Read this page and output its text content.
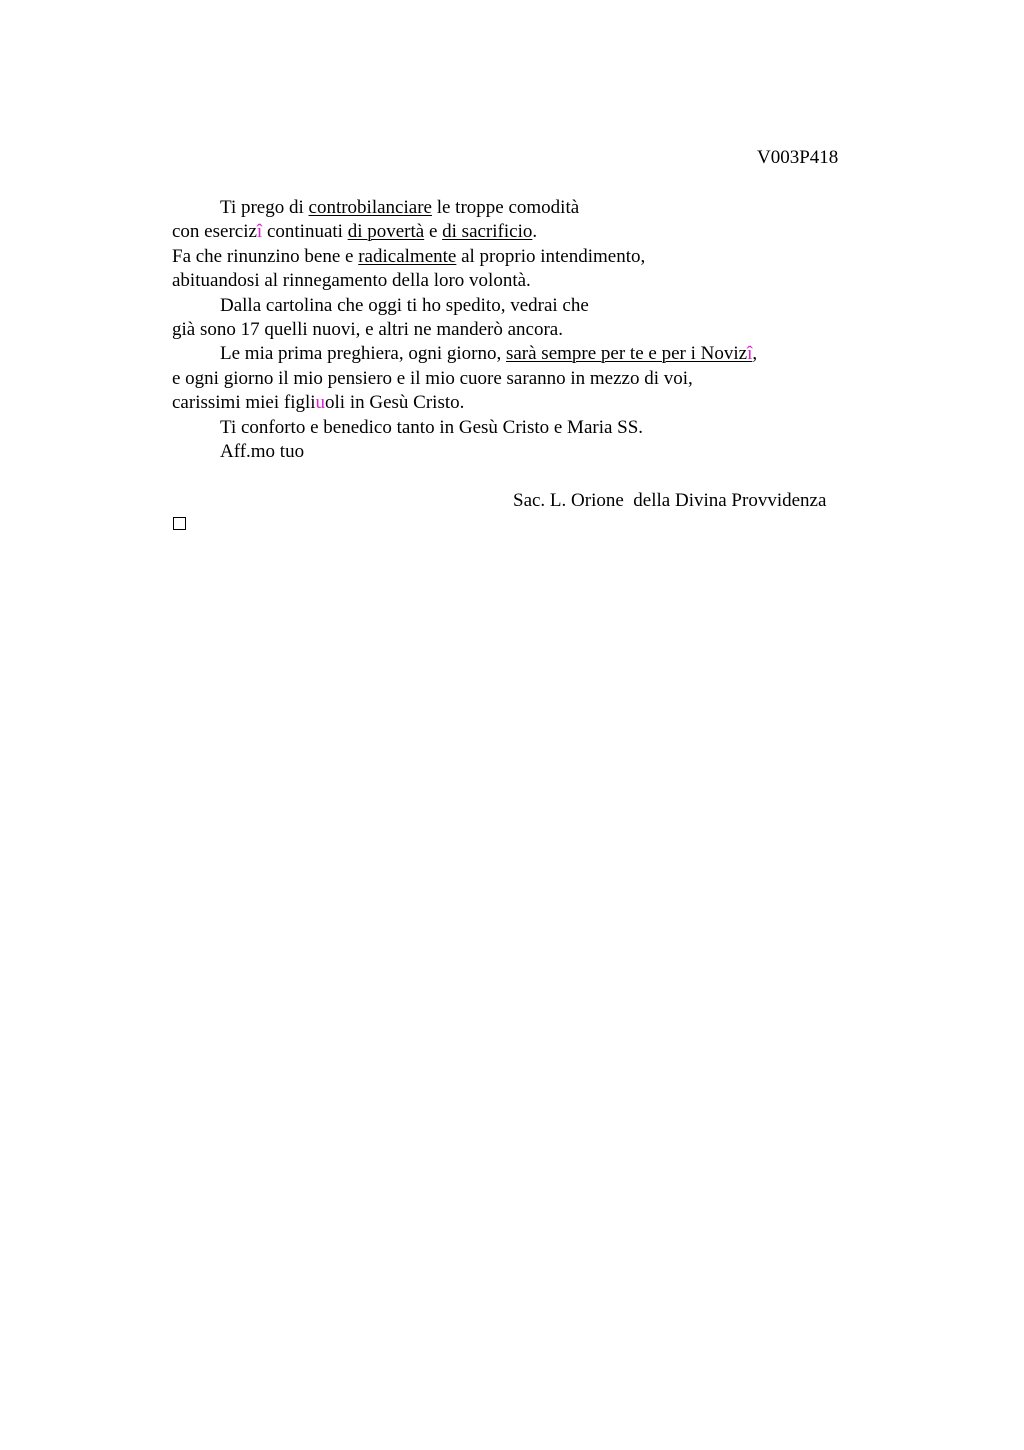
V003P418
Ti prego di controbilanciare le troppe comodità
con esercizî continuati di povertà e di sacrificio.
Fa che rinunzino bene e radicalmente al proprio intendimento,
abituandosi al rinnegamento della loro volontà.
Dalla cartolina che oggi ti ho spedito, vedrai che
già sono 17 quelli nuovi, e altri ne manderò ancora.
Le mia prima preghiera, ogni giorno, sarà sempre per te e per i Novizî,
e ogni giorno il mio pensiero e il mio cuore saranno in mezzo di voi,
carissimi miei figliuoli in Gesù Cristo.
Ti conforto e benedico tanto in Gesù Cristo e Maria SS.
Aff.mo tuo
Sac. L. Orione  della Divina Provvidenza
